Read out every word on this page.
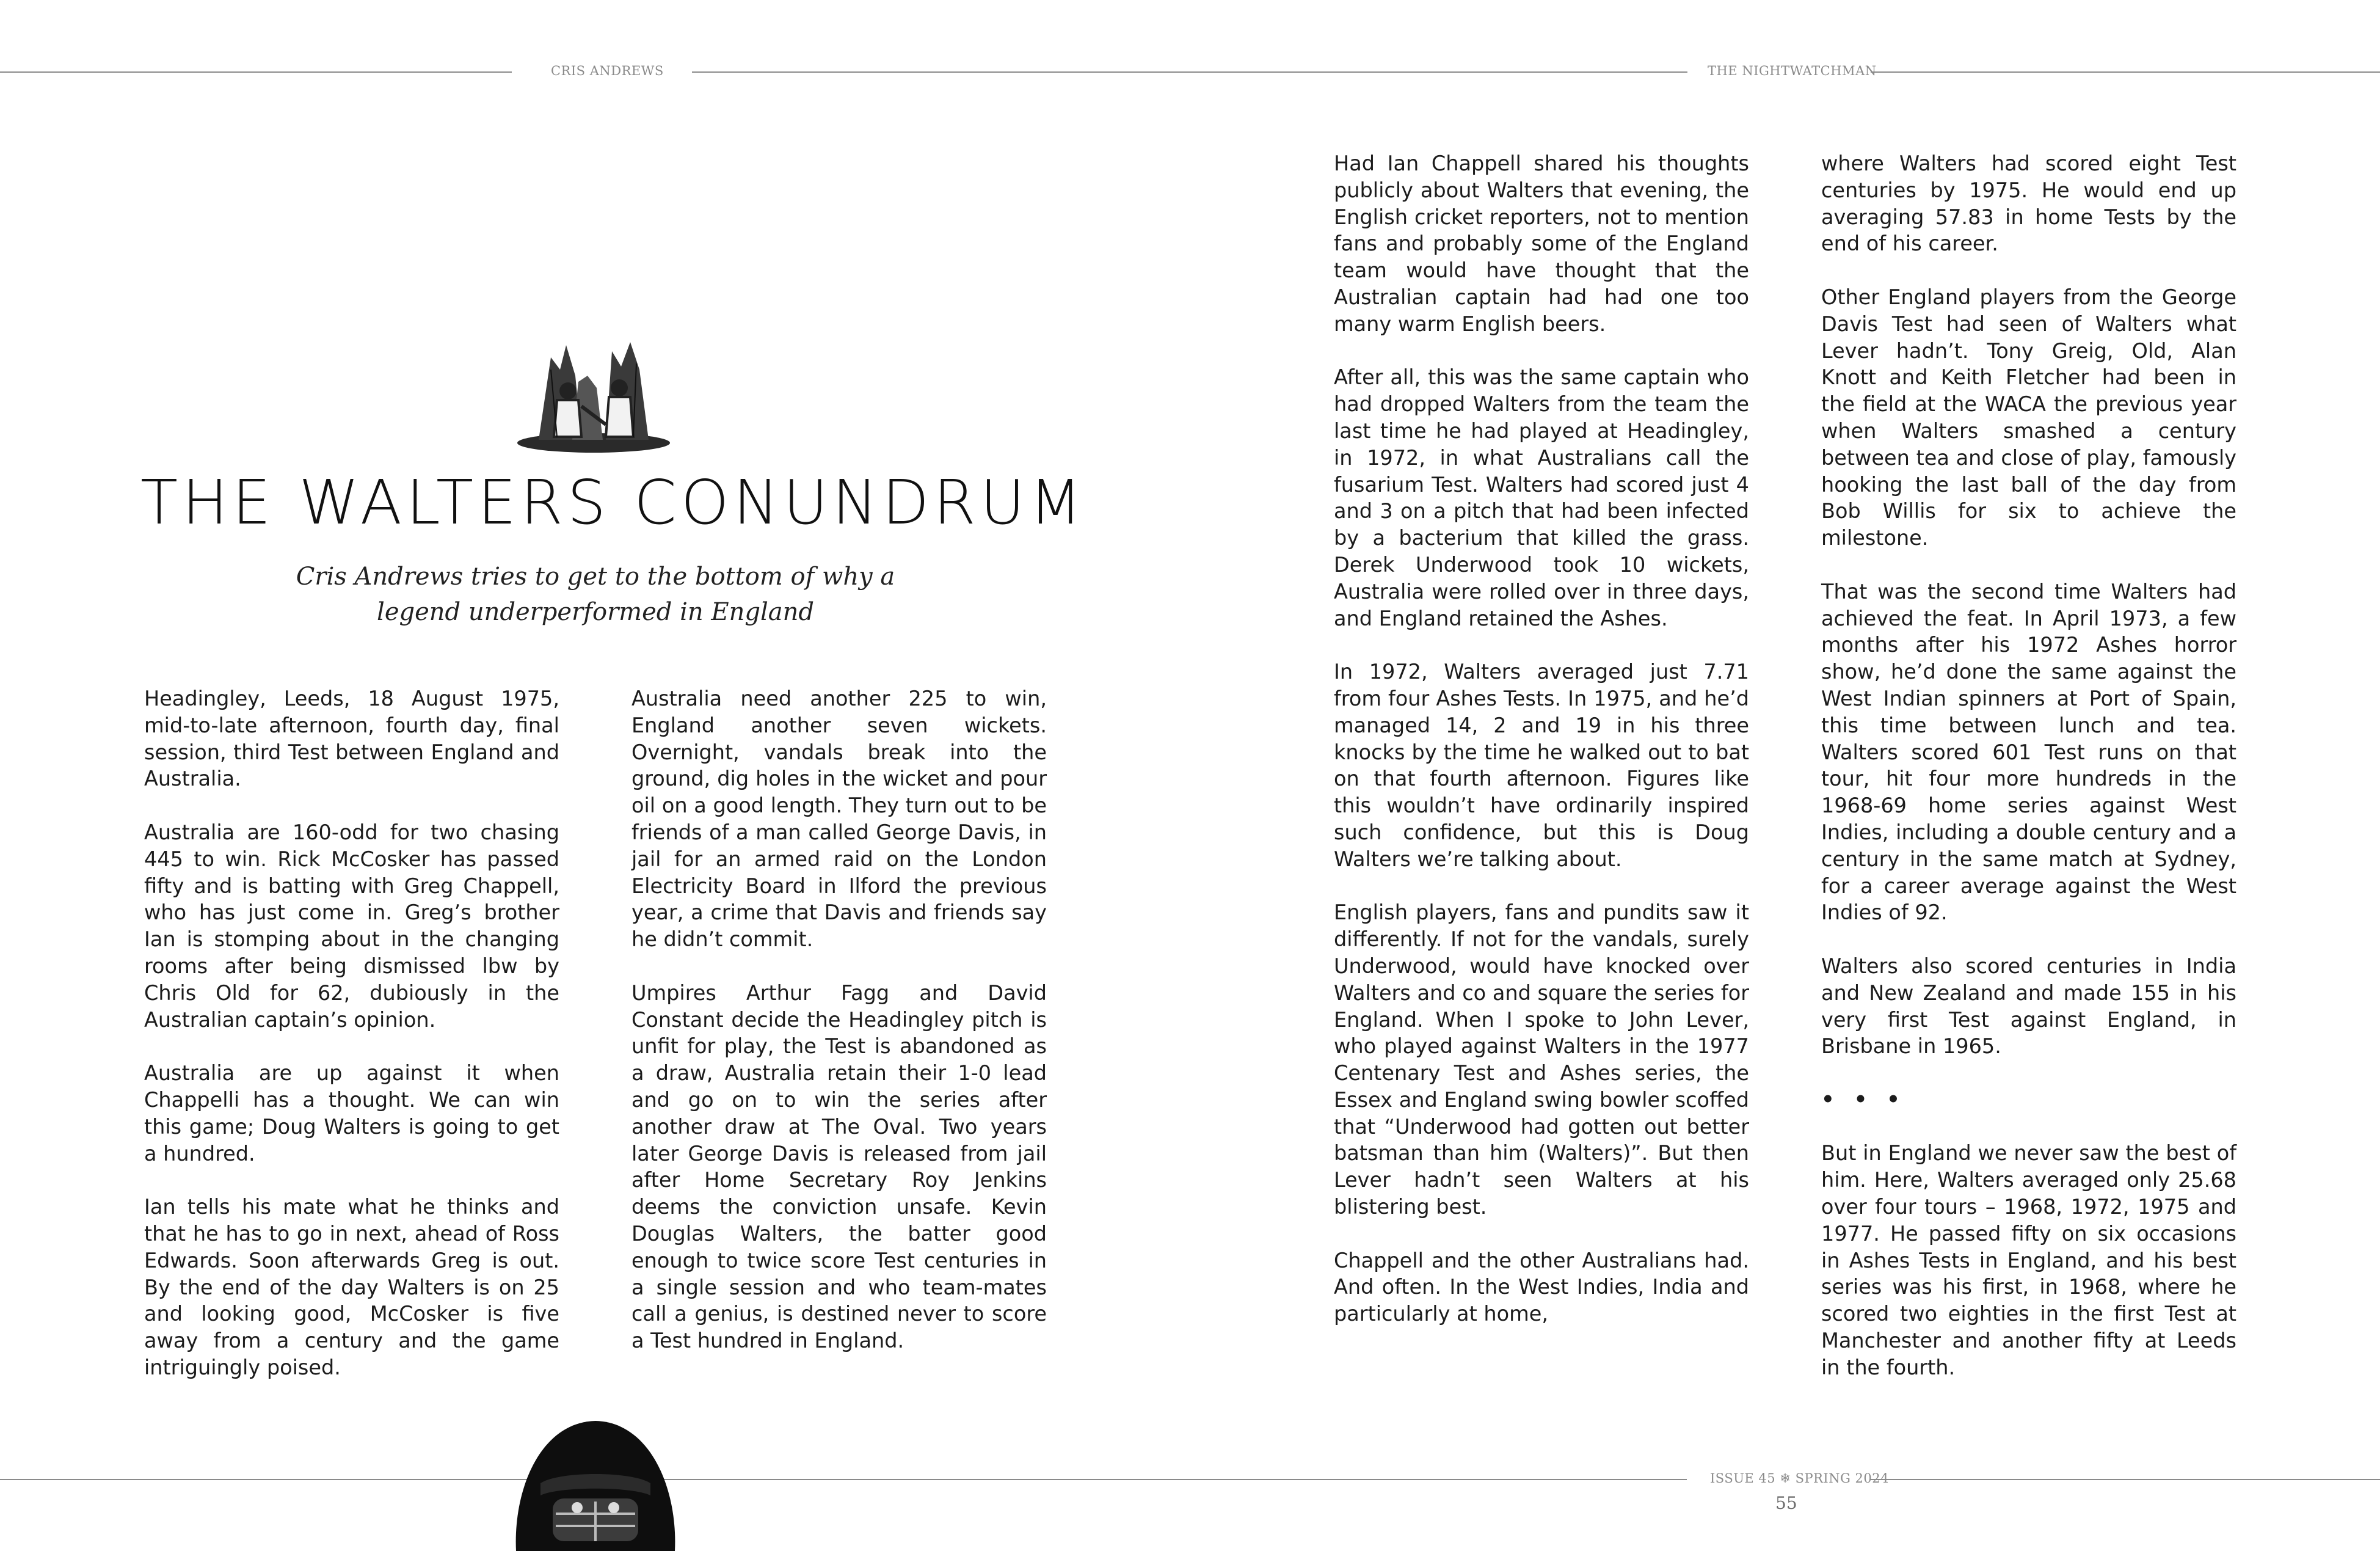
CRIS ANDREWS	THE NIGHTWATCHMAN
THE WALTERS CONUNDRUM
Cris Andrews tries to get to the bottom of why a legend underperformed in England

Headingley, Leeds, 18 August 1975, mid-to-late afternoon, fourth day, final session, third Test between England and Australia.

Australia are 160-odd for two chasing 445 to win. Rick McCosker has passed fifty and is batting with Greg Chappell, who has just come in. Greg’s brother Ian is stomping about in the changing rooms after being dismissed lbw by Chris Old for 62, dubiously in the Australian captain’s opinion.

Australia are up against it when Chappelli has a thought. We can win this game; Doug Walters is going to get a hundred.

Ian tells his mate what he thinks and that he has to go in next, ahead of Ross Edwards. Soon afterwards Greg is out. By the end of the day Walters is on 25 and looking good, McCosker is five away from a century and the game intriguingly poised.

Australia need another 225 to win, England another seven wickets. Overnight, vandals break into the ground, dig holes in the wicket and pour oil on a good length. They turn out to be friends of a man called George Davis, in jail for an armed raid on the London Electricity Board in Ilford the previous year, a crime that Davis and friends say he didn’t commit.

Umpires Arthur Fagg and David Constant decide the Headingley pitch is unfit for play, the Test is abandoned as a draw, Australia retain their 1-0 lead and go on to win the series after another draw at The Oval. Two years later George Davis is released from jail after Home Secretary Roy Jenkins deems the conviction unsafe. Kevin Douglas Walters, the batter good enough to twice score Test centuries in a single session and who team-mates call a genius, is destined never to score a Test hundred in England.

Had Ian Chappell shared his thoughts publicly about Walters that evening, the English cricket reporters, not to mention fans and probably some of the England team would have thought that the Australian captain had had one too many warm English beers.

After all, this was the same captain who had dropped Walters from the team the last time he had played at Headingley, in 1972, in what Australians call the fusarium Test. Walters had scored just 4 and 3 on a pitch that had been infected by a bacterium that killed the grass. Derek Underwood took 10 wickets, Australia were rolled over in three days, and England retained the Ashes.

In 1972, Walters averaged just 7.71 from four Ashes Tests. In 1975, and he’d managed 14, 2 and 19 in his three knocks by the time he walked out to bat on that fourth afternoon. Figures like this wouldn’t have ordinarily inspired such confidence, but this is Doug Walters we’re talking about.

English players, fans and pundits saw it differently. If not for the vandals, surely Underwood, would have knocked over Walters and co and square the series for England. When I spoke to John Lever, who played against Walters in the 1977 Centenary Test and Ashes series, the Essex and England swing bowler scoffed that “Underwood had gotten out better batsman than him (Walters)”. But then Lever hadn’t seen Walters at his blistering best.

Chappell and the other Australians had. And often. In the West Indies, India and particularly at home,

where Walters had scored eight Test centuries by 1975. He would end up averaging 57.83 in home Tests by the end of his career.

Other England players from the George Davis Test had seen of Walters what Lever hadn’t. Tony Greig, Old, Alan Knott and Keith Fletcher had been in the field at the WACA the previous year when Walters smashed a century between tea and close of play, famously hooking the last ball of the day from Bob Willis for six to achieve the milestone.

That was the second time Walters had achieved the feat. In April 1973, a few months after his 1972 Ashes horror show, he’d done the same against the West Indian spinners at Port of Spain, this time between lunch and tea. Walters scored 601 Test runs on that tour, hit four more hundreds in the 1968-69 home series against West Indies, including a double century and a century in the same match at Sydney, for a career average against the West Indies of 92.

Walters also scored centuries in India and New Zealand and made 155 in his very first Test against England, in Brisbane in 1965.

• • •

But in England we never saw the best of him. Here, Walters averaged only 25.68 over four tours – 1968, 1972, 1975 and 1977. He passed fifty on six occasions in Ashes Tests in England, and his best series was his first, in 1968, where he scored two eighties in the first Test at Manchester and another fifty at Leeds in the fourth.

ISSUE 45 ❄ SPRING 2024
55
